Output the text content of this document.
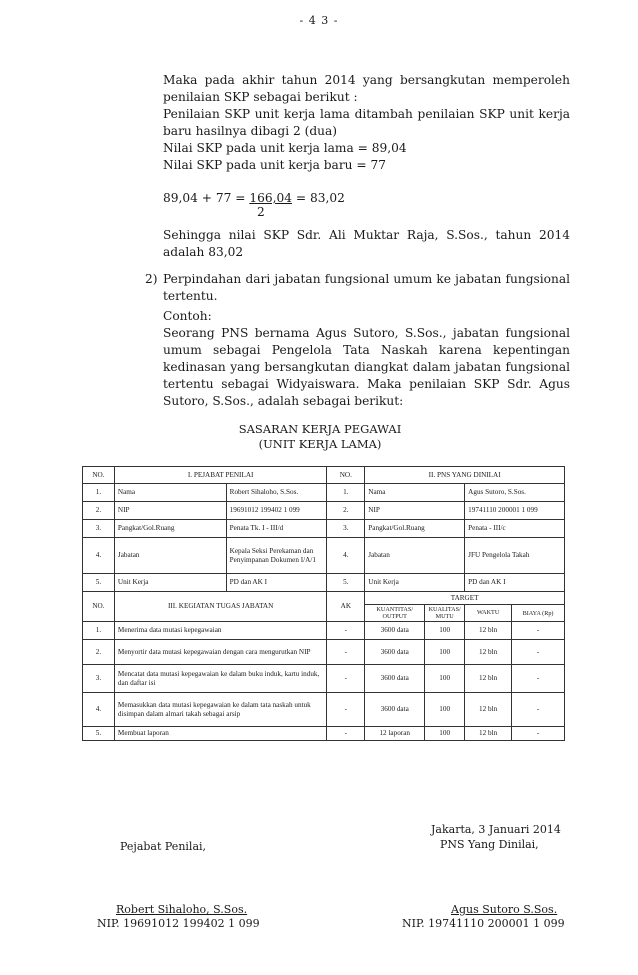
- 4 3 -
Maka pada akhir tahun 2014 yang bersangkutan memperoleh
penilaian SKP sebagai berikut :
Penilaian SKP unit kerja lama ditambah penilaian SKP unit kerja
baru hasilnya dibagi 2 (dua)
Nilai SKP pada unit kerja lama = 89,04
Nilai SKP pada unit kerja baru = 77
89,04 + 77 = 166,04 = 83,02
2
Sehingga nilai SKP Sdr. Ali Muktar Raja, S.Sos., tahun 2014
adalah 83,02
2) Perpindahan dari jabatan fungsional umum ke jabatan fungsional
tertentu.
Contoh:
Seorang PNS bernama Agus Sutoro, S.Sos., jabatan fungsional
umum sebagai Pengelola Tata Naskah karena kepentingan
kedinasan yang bersangkutan diangkat dalam jabatan fungsional
tertentu sebagai Widyaiswara. Maka penilaian SKP Sdr. Agus
Sutoro, S.Sos., adalah sebagai berikut:
SASARAN KERJA PEGAWAI
(UNIT KERJA LAMA)
NO.	I. PEJABAT PENILAI		NO.	II. PNS YANG DINILAI			
1.	Nama	Robert Sihaloho, S.Sos.	1.	Nama		Agus Sutoro, S.Sos.	
2.	NIP	19691012 199402 1 099	2.	NIP		19741110 200001 1 099	
3.	Pangkat/Gol.Ruang	Penata Tk. I - III/d	3.	Pangkat/Gol.Ruang		Penata - III/c	
4.	Jabatan	Kepala Seksi Perekaman dan Penyimpanan Dokumen I/A/1	4.	Jabatan		JFU Pengelola Takah	
5.	Unit Kerja	PD dan AK I	5.	Unit Kerja		PD dan AK I	
NO.	III. KEGIATAN TUGAS JABATAN		AK	TARGET			
				KUANTITAS/ OUTPUT	KUALITAS/ MUTU	WAKTU	BIAYA (Rp)
1.	Menerima data mutasi kepegawaian		-	3600 data	100	12 bln	-
2.	Menyortir data mutasi kepegawaian dengan cara mengurutkan NIP		-	3600 data	100	12 bln	-
3.	Mencatat data mutasi kepegawaian ke dalam buku induk, kartu induk, dan daftar isi		-	3600 data	100	12 bln	-
4.	Memasukkan data mutasi kepegawaian ke dalam tata naskah untuk disimpan dalam almari takah sebagai arsip		-	3600 data	100	12 bln	-
5.	Membuat laporan		-	12 laporan	100	12 bln	-
Jakarta, 3 Januari 2014
Pejabat Penilai,	PNS Yang Dinilai,
Robert Sihaloho, S.Sos.
NIP. 19691012 199402 1 099
Agus Sutoro S.Sos.
NIP. 19741110 200001 1 099
